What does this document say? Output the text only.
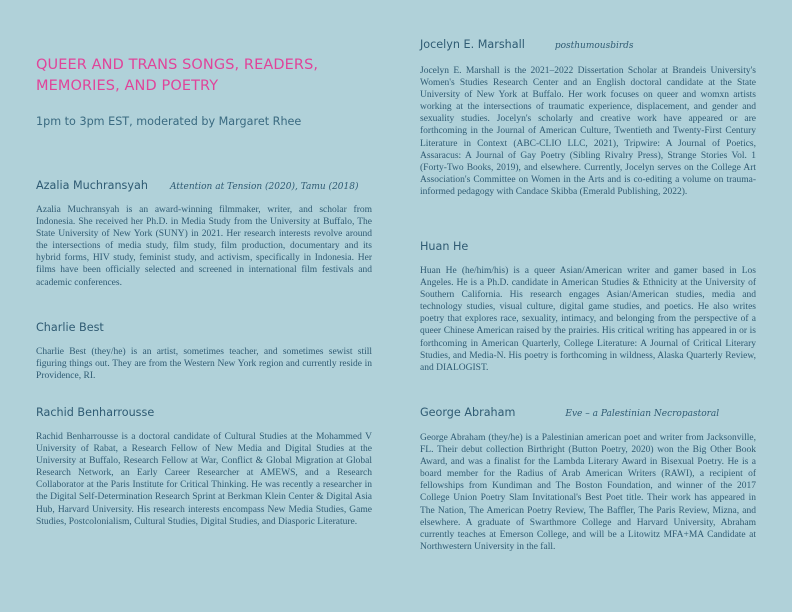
QUEER AND TRANS SONGS, READERS, MEMORIES, AND POETRY

1pm to 3pm EST, moderated by Margaret Rhee

Azalia Muchransyah Attention at Tension (2020), Tamu (2018)

Azalia Muchransyah is an award-winning filmmaker, writer, and scholar from Indonesia. She received her Ph.D. in Media Study from the University at Buffalo, The State University of New York (SUNY) in 2021. Her research interests revolve around the intersections of media study, film study, film production, documentary and its hybrid forms, HIV study, feminist study, and activism, specifically in Indonesia. Her films have been officially selected and screened in international film festivals and academic conferences.

Charlie Best

Charlie Best (they/he) is an artist, sometimes teacher, and sometimes sewist still figuring things out. They are from the Western New York region and currently reside in Providence, RI.

Rachid Benharrousse

Rachid Benharrousse is a doctoral candidate of Cultural Studies at the Mohammed V University of Rabat, a Research Fellow of New Media and Digital Studies at the University at Buffalo, Research Fellow at War, Conflict & Global Migration at Global Research Network, an Early Career Researcher at AMEWS, and a Research Collaborator at the Paris Institute for Critical Thinking. He was recently a researcher in the Digital Self-Determination Research Sprint at Berkman Klein Center & Digital Asia Hub, Harvard University. His research interests encompass New Media Studies, Game Studies, Postcolonialism, Cultural Studies, Digital Studies, and Diasporic Literature.

Jocelyn E. Marshall	posthumousbirds

Jocelyn E. Marshall is the 2021–2022 Dissertation Scholar at Brandeis University's Women's Studies Research Center and an English doctoral candidate at the State University of New York at Buffalo. Her work focuses on queer and womxn artists working at the intersections of traumatic experience, displacement, and gender and sexuality studies. Jocelyn's scholarly and creative work have appeared or are forthcoming in the Journal of American Culture, Twentieth and Twenty-First Century Literature in Context (ABC-CLIO LLC, 2021), Tripwire: A Journal of Poetics, Assaracus: A Journal of Gay Poetry (Sibling Rivalry Press), Strange Stories Vol. 1 (Forty-Two Books, 2019), and elsewhere. Currently, Jocelyn serves on the College Art Association's Committee on Women in the Arts and is co-editing a volume on trauma-informed pedagogy with Candace Skibba (Emerald Publishing, 2022).

Huan He

Huan He (he/him/his) is a queer Asian/American writer and gamer based in Los Angeles. He is a Ph.D. candidate in American Studies & Ethnicity at the University of Southern California. His research engages Asian/American studies, media and technology studies, visual culture, digital game studies, and poetics. He also writes poetry that explores race, sexuality, intimacy, and belonging from the perspective of a queer Chinese American raised by the prairies. His critical writing has appeared in or is forthcoming in American Quarterly, College Literature: A Journal of Critical Literary Studies, and Media-N. His poetry is forthcoming in wildness, Alaska Quarterly Review, and DIALOGIST.

George Abraham	Eve – a Palestinian Necropastoral

George Abraham (they/he) is a Palestinian american poet and writer from Jacksonville, FL. Their debut collection Birthright (Button Poetry, 2020) won the Big Other Book Award, and was a finalist for the Lambda Literary Award in Bisexual Poetry. He is a board member for the Radius of Arab American Writers (RAWI), a recipient of fellowships from Kundiman and The Boston Foundation, and winner of the 2017 College Union Poetry Slam Invitational's Best Poet title. Their work has appeared in The Nation, The American Poetry Review, The Baffler, The Paris Review, Mizna, and elsewhere. A graduate of Swarthmore College and Harvard University, Abraham currently teaches at Emerson College, and will be a Litowitz MFA+MA Candidate at Northwestern University in the fall.
